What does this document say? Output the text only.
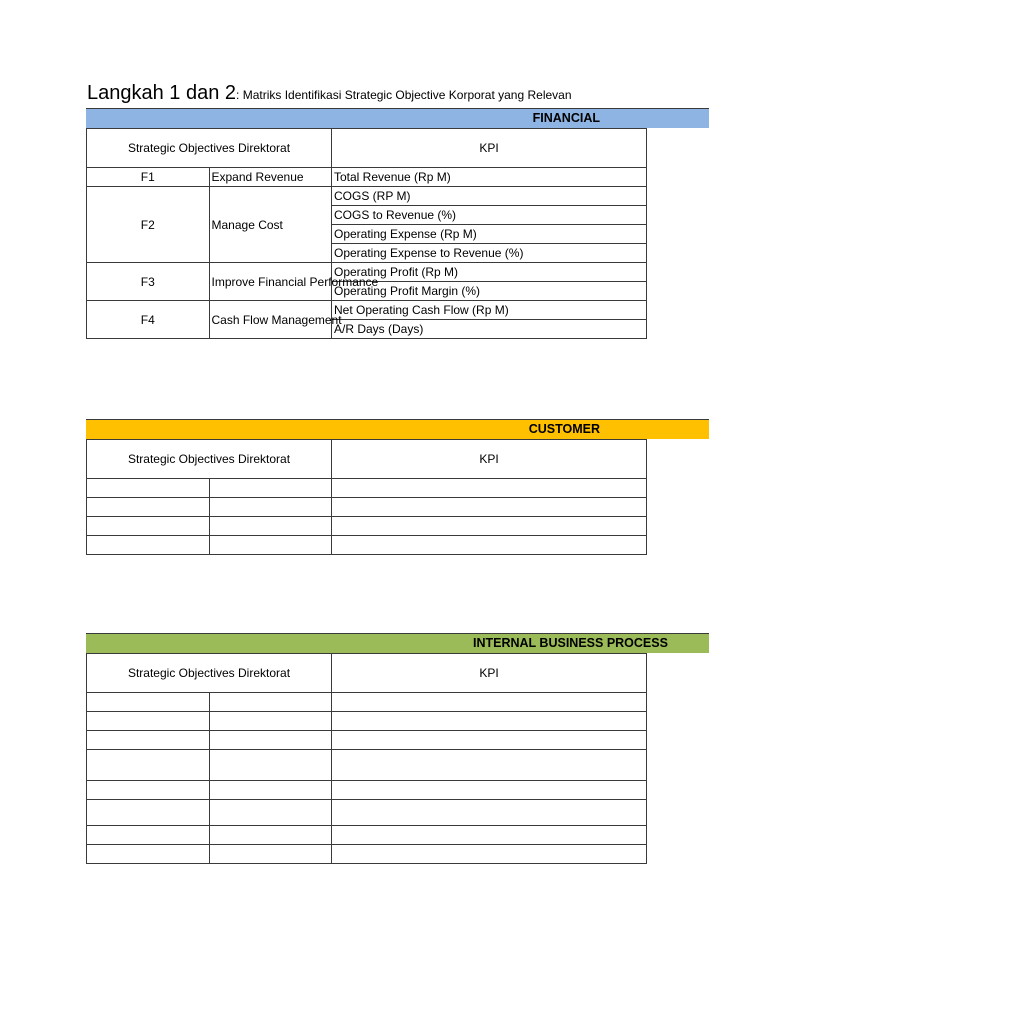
Langkah 1 dan 2: Matriks Identifikasi Strategic Objective Korporat yang Relevan
FINANCIAL
Strategic Objectives Direktorat		KPI
F1	Expand Revenue	Total Revenue (Rp M)
F2	Manage Cost	COGS (RP M)
		COGS to Revenue (%)
		Operating Expense (Rp M)
		Operating Expense to Revenue (%)
F3	Improve Financial Performance	Operating Profit (Rp M)
		Operating Profit Margin (%)
F4	Cash Flow Management	Net Operating Cash Flow (Rp M)
		A/R Days (Days)
CUSTOMER
Strategic Objectives Direktorat		KPI

INTERNAL BUSINESS PROCESS
Strategic Objectives Direktorat		KPI
